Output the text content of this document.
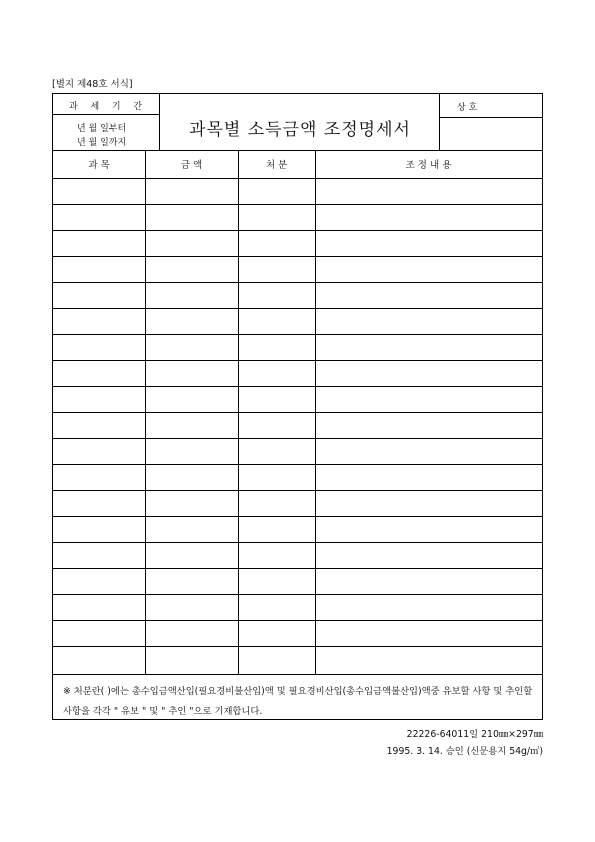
[별지 제48호 서식]
과 세 기 간
년 월 일부터
년 월 일까지
과목별 소득금액 조정명세서
상 호
과 목	금 액	처 분	조 정 내 용
※ 처분란( )에는 총수입금액산입(필요경비불산입)액 및 필요경비산입(총수입금액불산입)액중 유보할 사항 및 추인할 사항을 각각 " 유보 " 및 " 추인 "으로 기재합니다.
22226-64011일 210㎜×297㎜
1995. 3. 14. 승인 (신문용지 54g/㎡)
